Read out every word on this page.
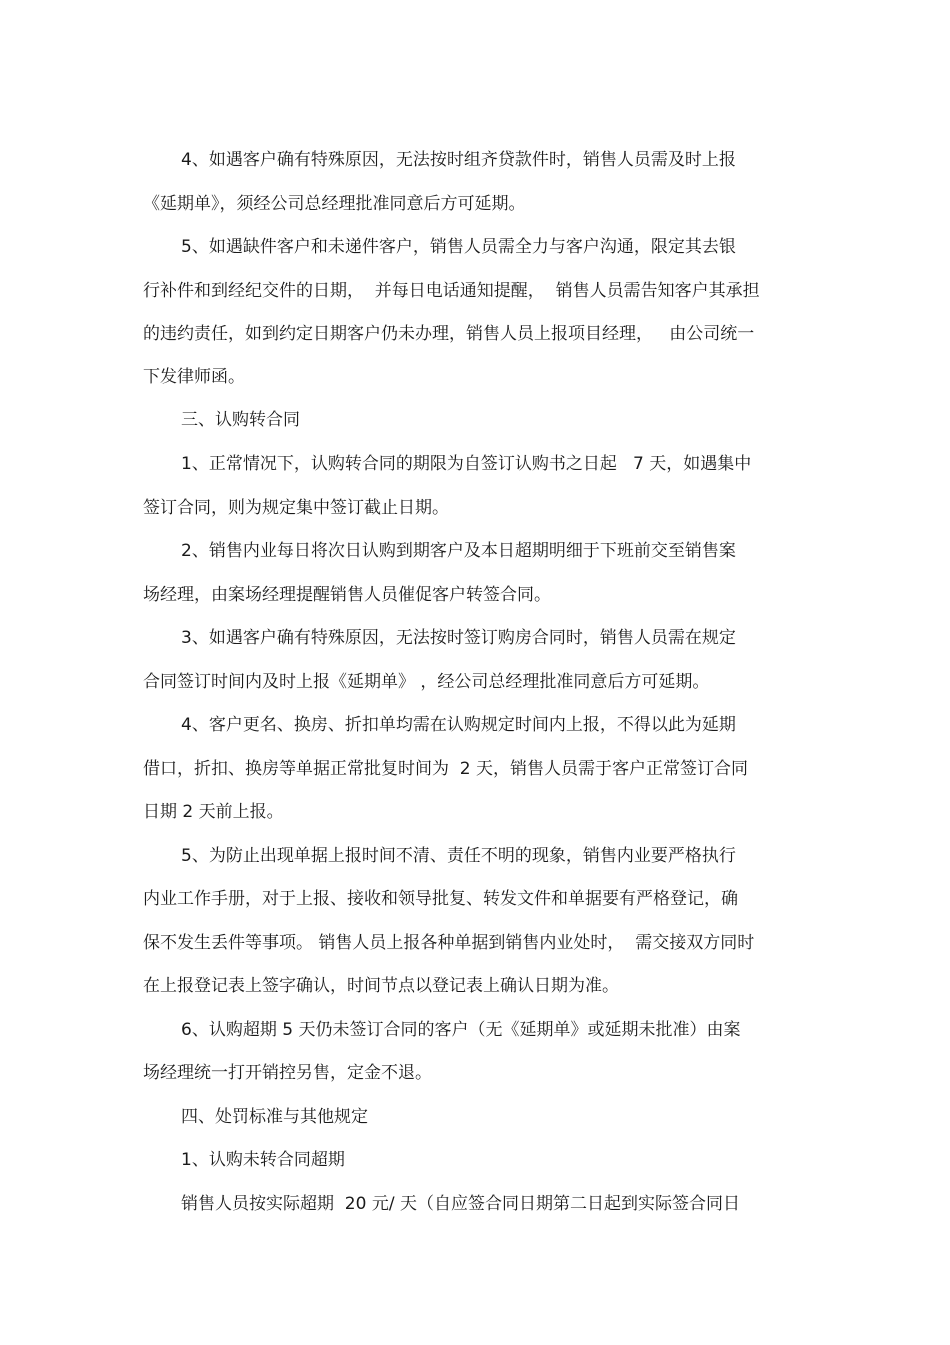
4、如遇客户确有特殊原因，无法按时组齐贷款件时，销售人员需及时上报
《延期单》，须经公司总经理批准同意后方可延期。
5、如遇缺件客户和未递件客户，销售人员需全力与客户沟通，限定其去银
行补件和到经纪交件的日期，  并每日电话通知提醒，  销售人员需告知客户其承担
的违约责任，如到约定日期客户仍未办理，销售人员上报项目经理，   由公司统一
下发律师函。
三、认购转合同
1、正常情况下，认购转合同的期限为自签订认购书之日起   7 天，如遇集中
签订合同，则为规定集中签订截止日期。
2、销售内业每日将次日认购到期客户及本日超期明细于下班前交至销售案
场经理，由案场经理提醒销售人员催促客户转签合同。
3、如遇客户确有特殊原因，无法按时签订购房合同时，销售人员需在规定
合同签订时间内及时上报《延期单》 ，经公司总经理批准同意后方可延期。
4、客户更名、换房、折扣单均需在认购规定时间内上报，不得以此为延期
借口，折扣、换房等单据正常批复时间为  2 天，销售人员需于客户正常签订合同
日期 2 天前上报。
5、为防止出现单据上报时间不清、责任不明的现象，销售内业要严格执行
内业工作手册，对于上报、接收和领导批复、转发文件和单据要有严格登记，确
保不发生丢件等事项。 销售人员上报各种单据到销售内业处时，  需交接双方同时
在上报登记表上签字确认，时间节点以登记表上确认日期为准。
6、认购超期 5 天仍未签订合同的客户（无《延期单》或延期未批准）由案
场经理统一打开销控另售，定金不退。
四、处罚标准与其他规定
1、认购未转合同超期
销售人员按实际超期  20 元/ 天（自应签合同日期第二日起到实际签合同日
